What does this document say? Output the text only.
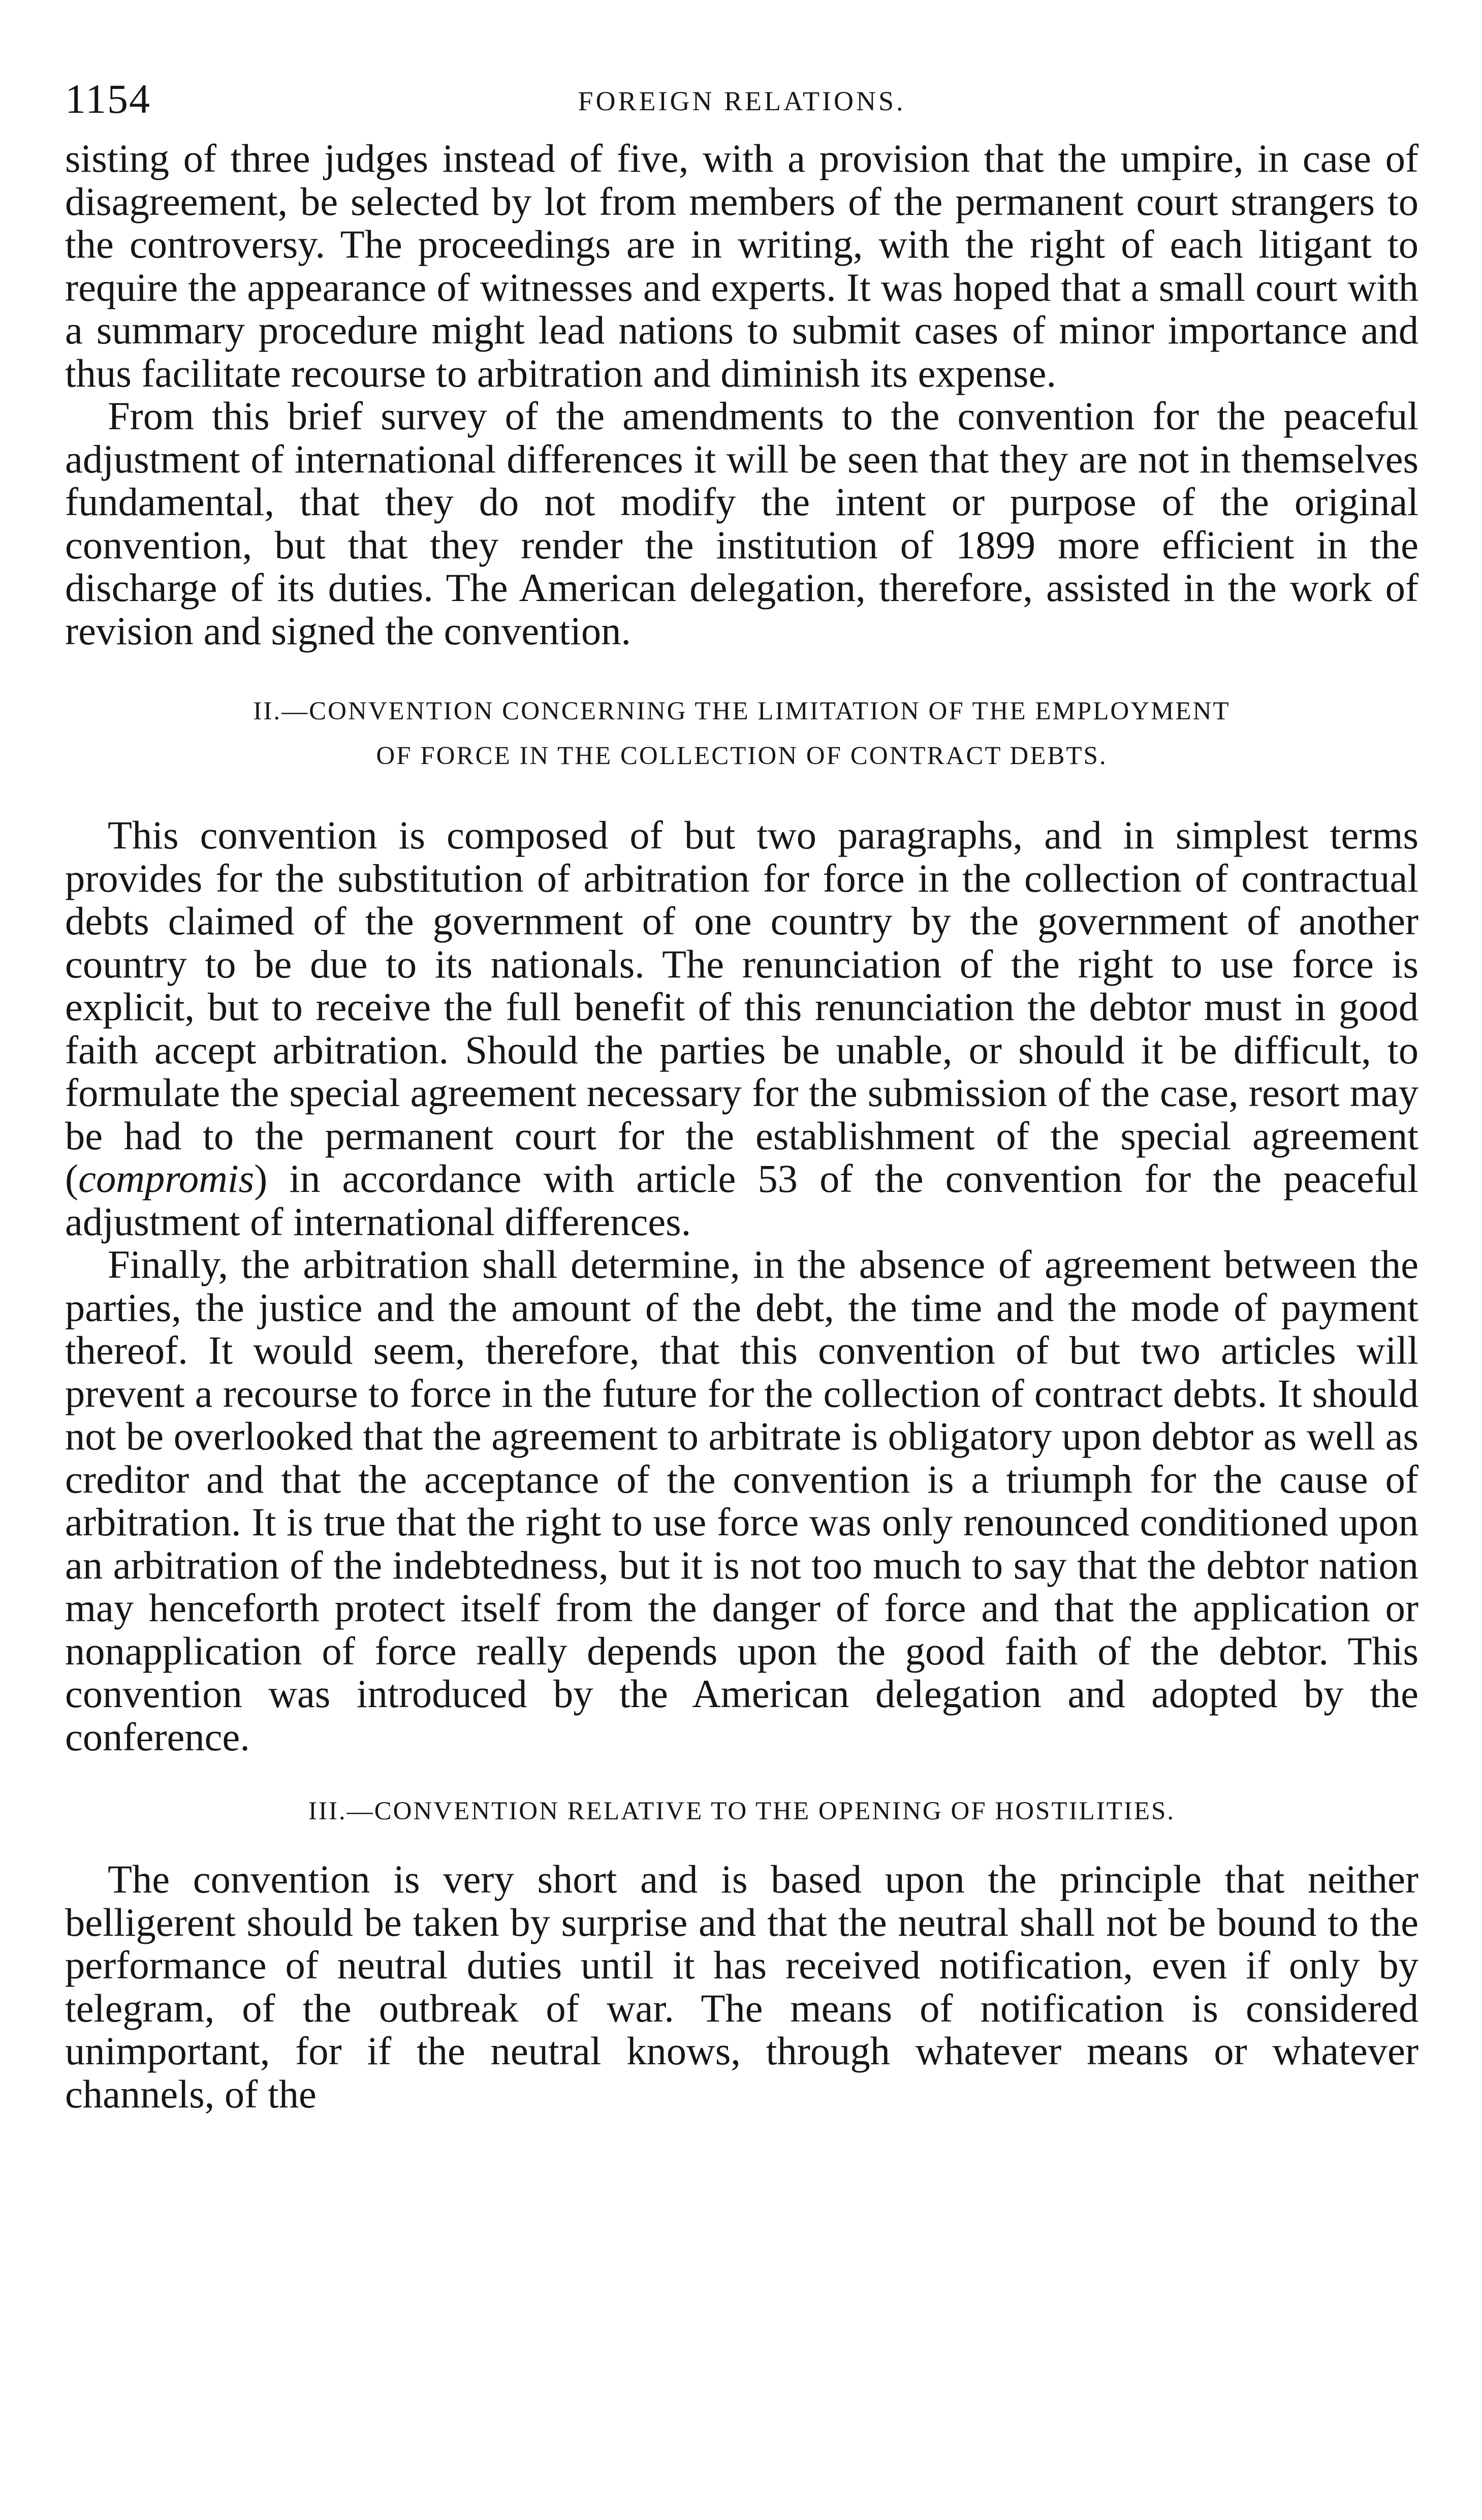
1154	FOREIGN RELATIONS.

sisting of three judges instead of five, with a provision that the umpire, in case of disagreement, be selected by lot from members of the permanent court strangers to the controversy. The proceedings are in writing, with the right of each litigant to require the appearance of witnesses and experts. It was hoped that a small court with a summary procedure might lead nations to submit cases of minor importance and thus facilitate recourse to arbitration and diminish its expense.

From this brief survey of the amendments to the convention for the peaceful adjustment of international differences it will be seen that they are not in themselves fundamental, that they do not modify the intent or purpose of the original convention, but that they render the institution of 1899 more efficient in the discharge of its duties. The American delegation, therefore, assisted in the work of revision and signed the convention.

II.—CONVENTION CONCERNING THE LIMITATION OF THE EMPLOYMENT

OF FORCE IN THE COLLECTION OF CONTRACT DEBTS.

This convention is composed of but two paragraphs, and in simplest terms provides for the substitution of arbitration for force in the collection of contractual debts claimed of the government of one country by the government of another country to be due to its nationals. The renunciation of the right to use force is explicit, but to receive the full benefit of this renunciation the debtor must in good faith accept arbitration. Should the parties be unable, or should it be difficult, to formulate the special agreement necessary for the submission of the case, resort may be had to the permanent court for the establishment of the special agreement (compromis) in accordance with article 53 of the convention for the peaceful adjustment of international differences.

Finally, the arbitration shall determine, in the absence of agreement between the parties, the justice and the amount of the debt, the time and the mode of payment thereof. It would seem, therefore, that this convention of but two articles will prevent a recourse to force in the future for the collection of contract debts. It should not be overlooked that the agreement to arbitrate is obligatory upon debtor as well as creditor and that the acceptance of the convention is a triumph for the cause of arbitration. It is true that the right to use force was only renounced conditioned upon an arbitration of the indebtedness, but it is not too much to say that the debtor nation may henceforth protect itself from the danger of force and that the application or nonapplication of force really depends upon the good faith of the debtor. This convention was introduced by the American delegation and adopted by the conference.

III.—CONVENTION RELATIVE TO THE OPENING OF HOSTILITIES.

The convention is very short and is based upon the principle that neither belligerent should be taken by surprise and that the neutral shall not be bound to the performance of neutral duties until it has received notification, even if only by telegram, of the outbreak of war. The means of notification is considered unimportant, for if the neutral knows, through whatever means or whatever channels, of the
